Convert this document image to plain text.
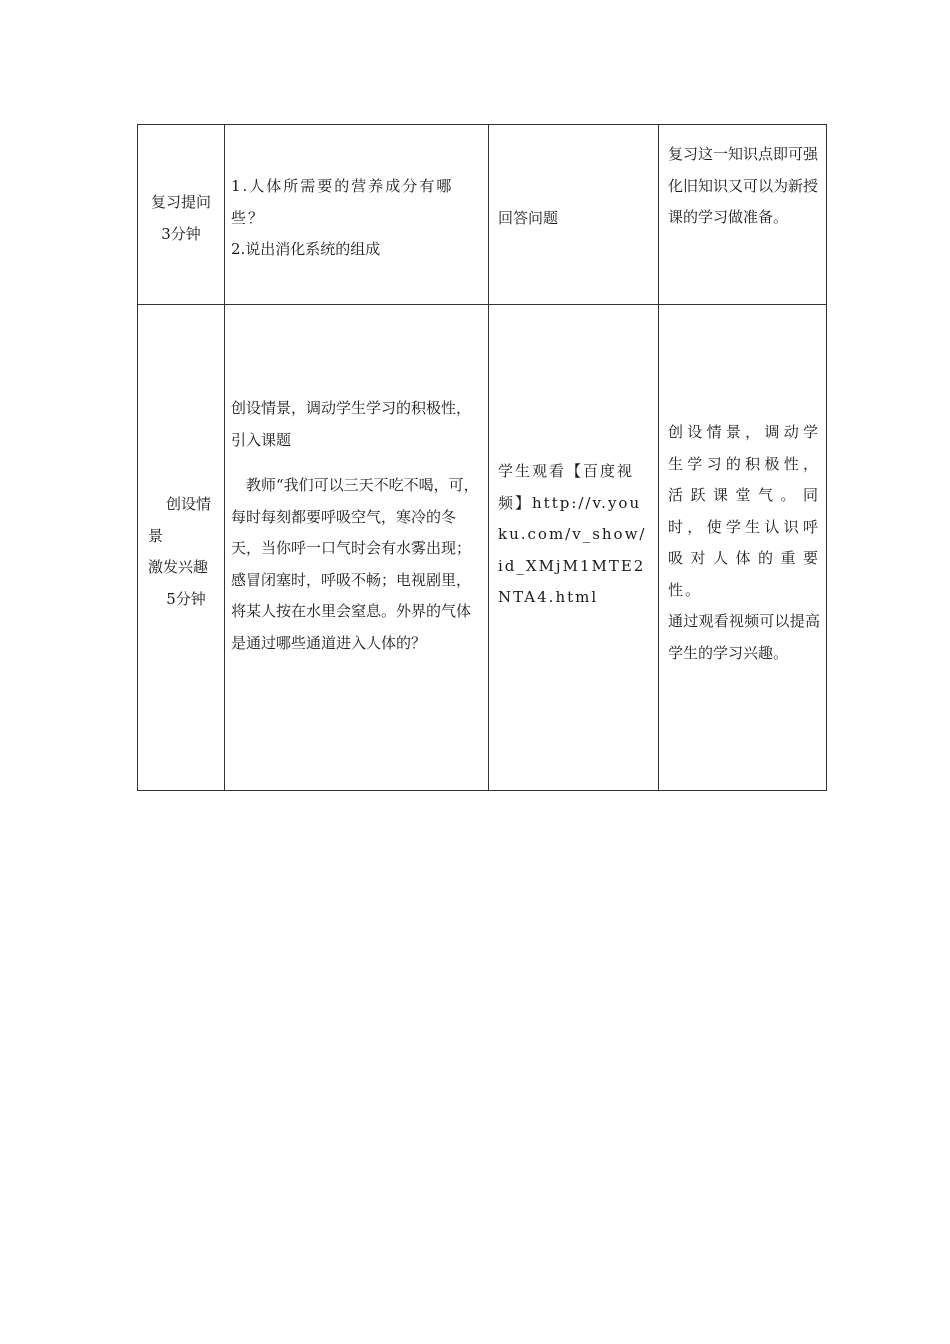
复习提问
3分钟
1.人体所需要的营养成分有哪些？
2.说出消化系统的组成
回答问题
复习这一知识点即可强化旧知识又可以为新授课的学习做准备。
创设情景
激发兴趣
5分钟
创设情景，调动学生学习的积极性，引入课题
教师“我们可以三天不吃不喝，可，每时每刻都要呼吸空气，寒冷的冬天，当你呼一口气时会有水雾出现；感冒闭塞时，呼吸不畅；电视剧里，将某人按在水里会窒息。外界的气体是通过哪些通道进入人体的？
学生观看【百度视频】http://v.youku.com/v_show/id_XMjM1MTE2NTA4.html
创设情景，调动学生学习的积极性，活跃课堂气。同时，使学生认识呼吸对人体的重要性。
通过观看视频可以提高学生的学习兴趣。
